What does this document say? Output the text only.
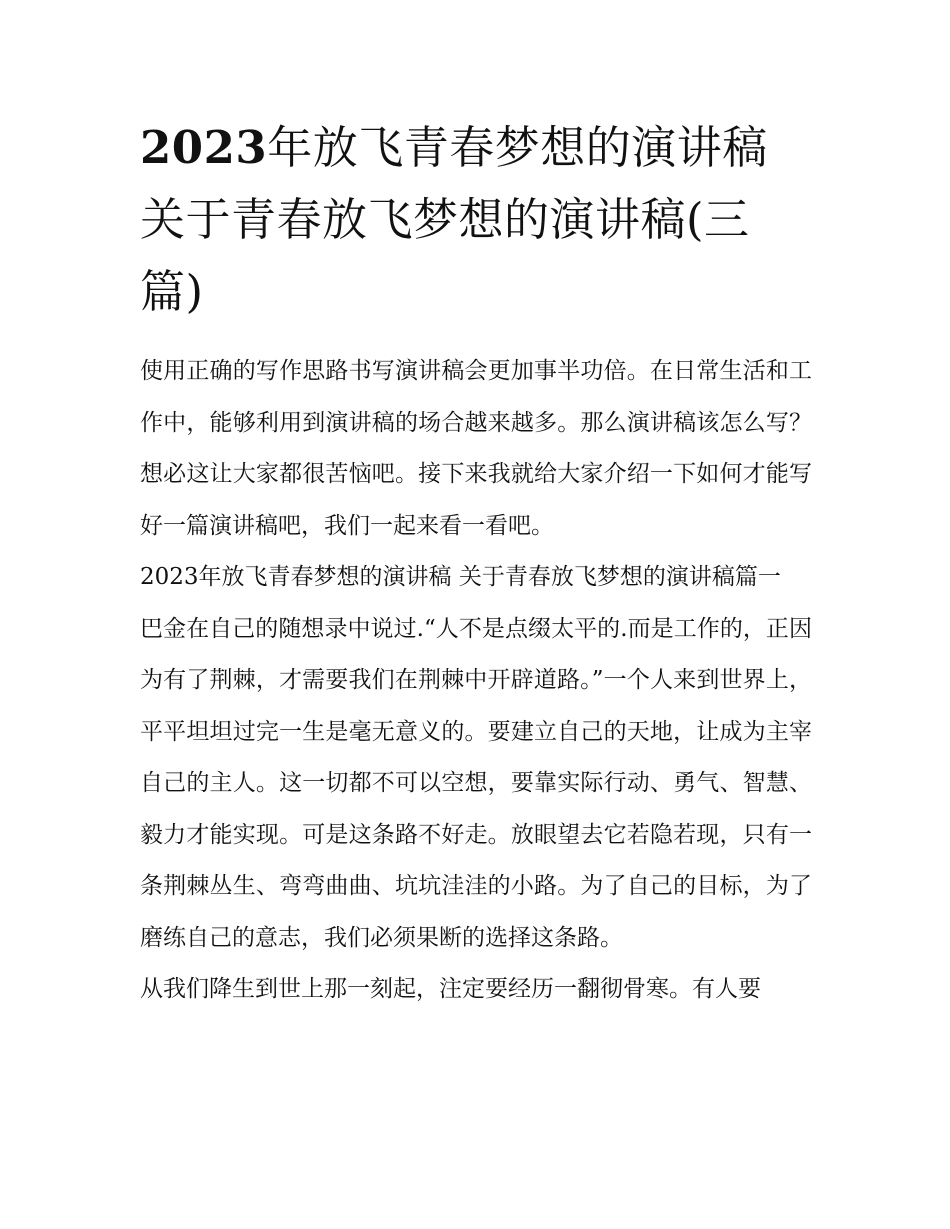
2023年放飞青春梦想的演讲稿关于青春放飞梦想的演讲稿(三篇)

使用正确的写作思路书写演讲稿会更加事半功倍。在日常生活和工作中，能够利用到演讲稿的场合越来越多。那么演讲稿该怎么写？想必这让大家都很苦恼吧。接下来我就给大家介绍一下如何才能写好一篇演讲稿吧，我们一起来看一看吧。

2023年放飞青春梦想的演讲稿 关于青春放飞梦想的演讲稿篇一

巴金在自己的随想录中说过.“人不是点缀太平的.而是工作的，正因为有了荆棘，才需要我们在荆棘中开辟道路。”一个人来到世界上，平平坦坦过完一生是毫无意义的。要建立自己的天地，让成为主宰自己的主人。这一切都不可以空想，要靠实际行动、勇气、智慧、毅力才能实现。可是这条路不好走。放眼望去它若隐若现，只有一条荆棘丛生、弯弯曲曲、坑坑洼洼的小路。为了自己的目标，为了磨练自己的意志，我们必须果断的选择这条路。

从我们降生到世上那一刻起，注定要经历一翻彻骨寒。有人要
